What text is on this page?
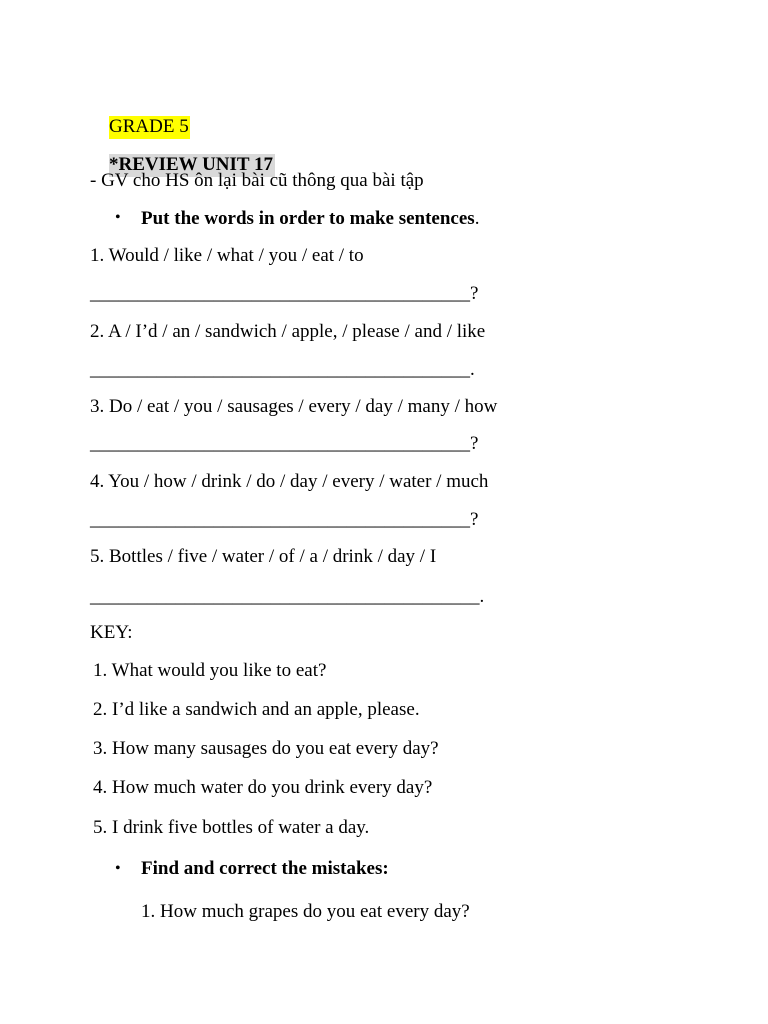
GRADE 5

*REVIEW UNIT 17

- GV cho HS ôn lại bài cũ thông qua bài tập
• Put the words in order to make sentences.
1. Would / like / what / you / eat / to
________________________________________?
2. A / I’d / an / sandwich / apple, / please / and / like
________________________________________.
3. Do / eat / you / sausages / every / day / many / how
________________________________________?
4. You / how / drink / do / day / every / water / much
________________________________________?
5. Bottles / five / water / of / a / drink / day / I
_________________________________________.
KEY:
1. What would you like to eat?
2. I’d like a sandwich and an apple, please.
3. How many sausages do you eat every day?
4. How much water do you drink every day?
5. I drink five bottles of water a day.
• Find and correct the mistakes:
1. How much grapes do you eat every day?
